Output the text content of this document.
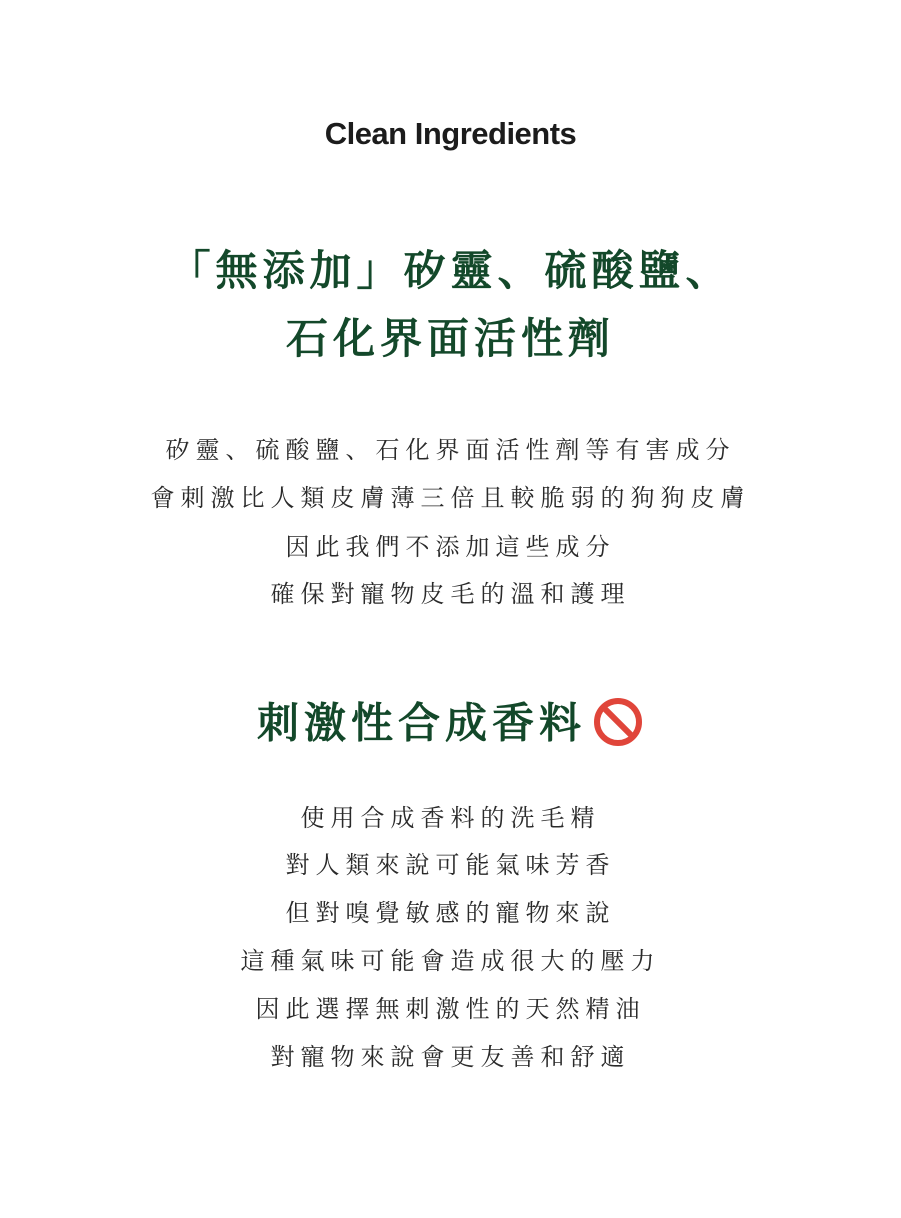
Clean Ingredients
「無添加」矽靈、硫酸鹽、
石化界面活性劑
矽靈、硫酸鹽、石化界面活性劑等有害成分
會刺激比人類皮膚薄三倍且較脆弱的狗狗皮膚
因此我們不添加這些成分
確保對寵物皮毛的溫和護理
刺激性合成香料
使用合成香料的洗毛精
對人類來說可能氣味芳香
但對嗅覺敏感的寵物來說
這種氣味可能會造成很大的壓力
因此選擇無刺激性的天然精油
對寵物來說會更友善和舒適
